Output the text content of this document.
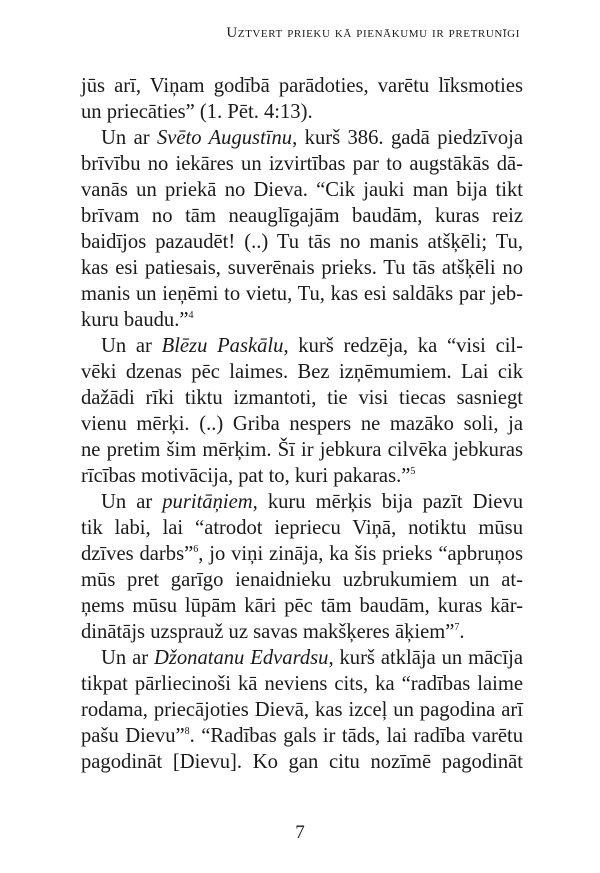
Uztvert prieku kā pienākumu ir pretrunīgi
jūs arī, Viņam godībā parādoties, varētu līksmoties
un priecāties” (1. Pēt. 4:13).
Un ar Svēto Augustīnu, kurš 386. gadā piedzīvoja
brīvību no iekāres un izvirtības par to augstākās dā-
vanās un priekā no Dieva. “Cik jauki man bija tikt
brīvam no tām neauglīgajām baudām, kuras reiz
baidījos pazaudēt! (..) Tu tās no manis atšķēli; Tu,
kas esi patiesais, suverēnais prieks. Tu tās atšķēli no
manis un ieņēmi to vietu, Tu, kas esi saldāks par jeb-
kuru baudu.”$^4$
Un ar Blēzu Paskālu, kurš redzēja, ka “visi cil-
vēki dzenas pēc laimes. Bez izņēmumiem. Lai cik
dažādi rīki tiktu izmantoti, tie visi tiecas sasniegt
vienu mērķi. (..) Griba nespers ne mazāko soli, ja
ne pretim šim mērķim. Šī ir jebkura cilvēka jebkuras
rīcības motivācija, pat to, kuri pakaras.”$^5$
Un ar puritāņiem, kuru mērķis bija pazīt Dievu
tik labi, lai “atrodot iepriecu Viņā, notiktu mūsu
dzīves darbs”$^6$, jo viņi zināja, ka šis prieks “apbruņos
mūs pret garīgo ienaidnieku uzbrukumiem un at-
ņems mūsu lūpām kāri pēc tām baudām, kuras kār-
dinātājs uzsprauž uz savas makšķeres āķiem”$^7$.
Un ar Džonatanu Edvardsu, kurš atklāja un mācīja
tikpat pārliecinoši kā neviens cits, ka “radības laime
rodama, priecājoties Dievā, kas izceļ un pagodina arī
pašu Dievu”$^8$. “Radības gals ir tāds, lai radība varētu
pagodināt [Dievu]. Ko gan citu nozīmē pagodināt
7
